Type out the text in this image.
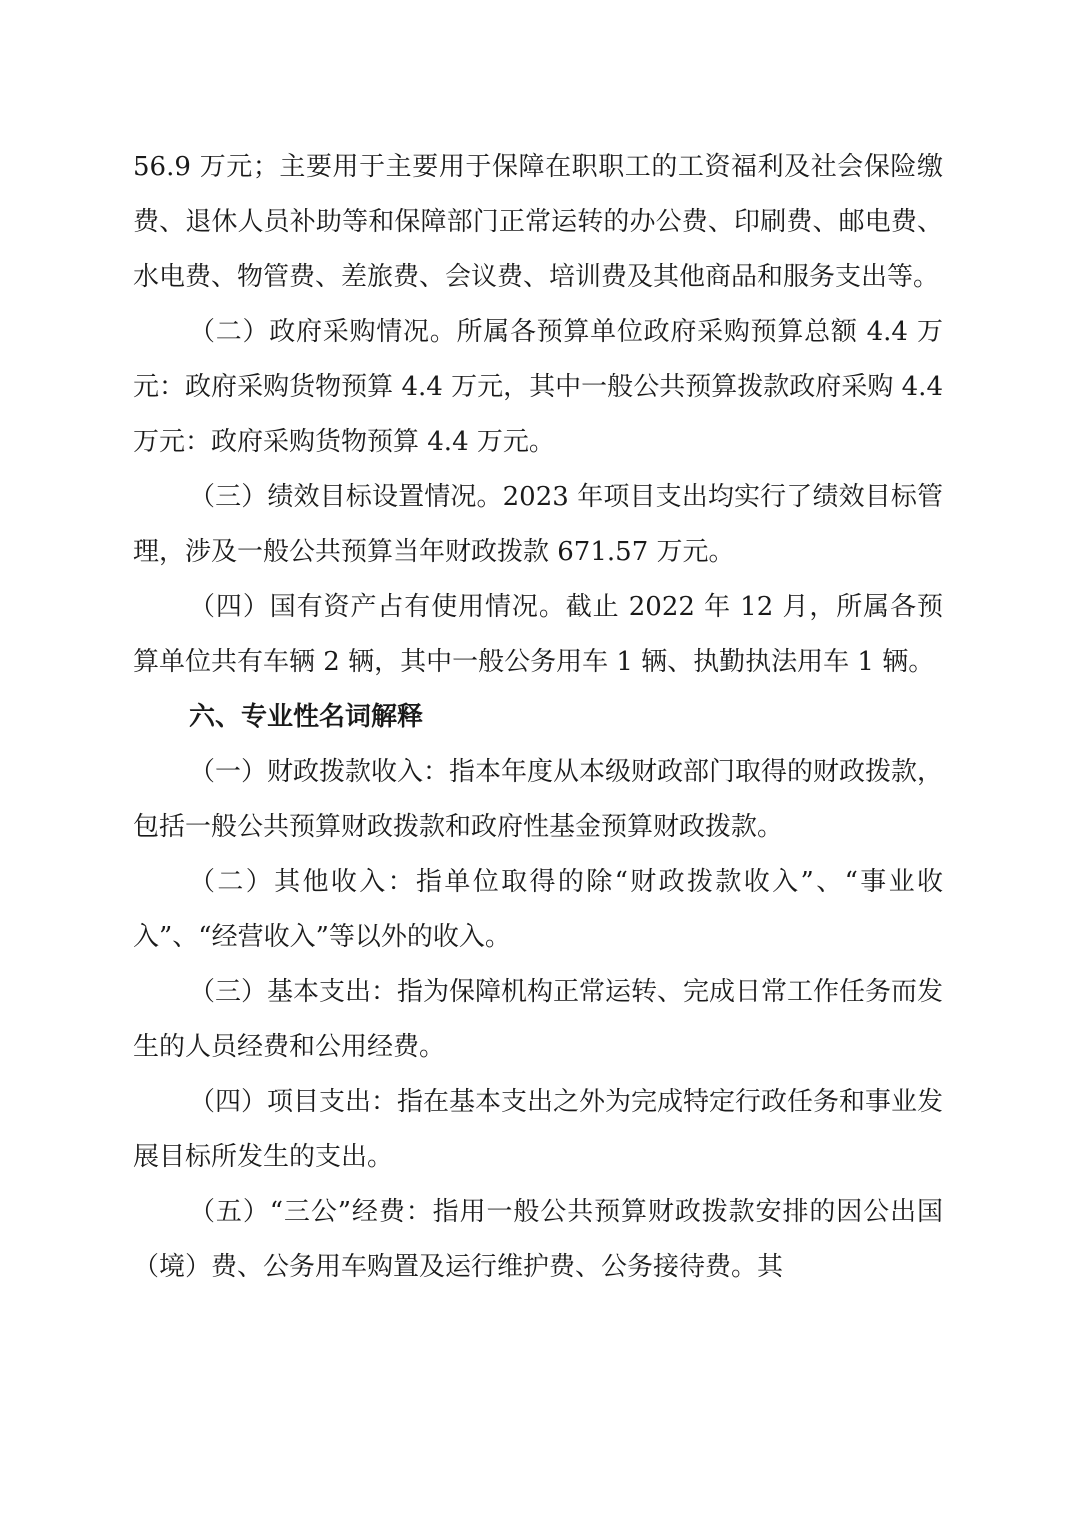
56.9 万元；主要用于主要用于保障在职职工的工资福利及社会保险缴费、退休人员补助等和保障部门正常运转的办公费、印刷费、邮电费、水电费、物管费、差旅费、会议费、培训费及其他商品和服务支出等。

（二）政府采购情况。所属各预算单位政府采购预算总额 4.4 万元：政府采购货物预算 4.4 万元，其中一般公共预算拨款政府采购 4.4 万元：政府采购货物预算 4.4 万元。

（三）绩效目标设置情况。2023 年项目支出均实行了绩效目标管理，涉及一般公共预算当年财政拨款 671.57 万元。

（四）国有资产占有使用情况。截止 2022 年 12 月，所属各预算单位共有车辆 2 辆，其中一般公务用车 1 辆、执勤执法用车 1 辆。

六、专业性名词解释

（一）财政拨款收入：指本年度从本级财政部门取得的财政拨款，包括一般公共预算财政拨款和政府性基金预算财政拨款。

（二）其他收入：指单位取得的除“财政拨款收入”、“事业收入”、“经营收入”等以外的收入。

（三）基本支出：指为保障机构正常运转、完成日常工作任务而发生的人员经费和公用经费。

（四）项目支出：指在基本支出之外为完成特定行政任务和事业发展目标所发生的支出。

（五）“三公”经费：指用一般公共预算财政拨款安排的因公出国（境）费、公务用车购置及运行维护费、公务接待费。其
